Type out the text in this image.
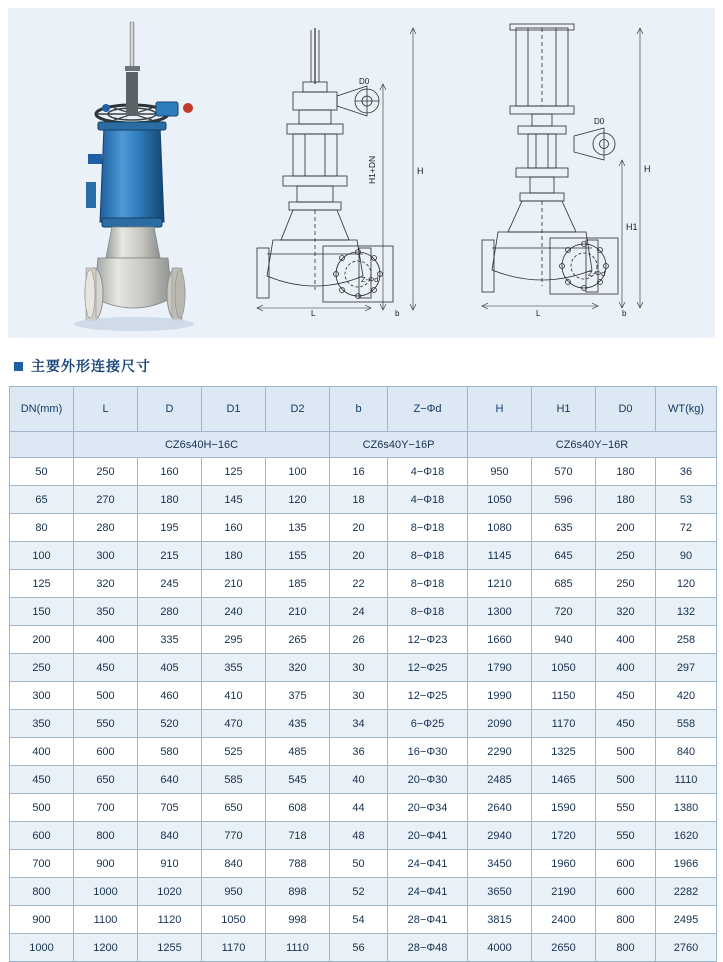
H
H1+DN
D0
Z-Φd
L	b
D0
H
H1
Z-Φd
L	b
主要外形连接尺寸
DN(mm)	L	D	D1	D2	b	Z−Φd	H	H1	D0	WT(kg)
	CZ6s40H−16C				CZ6s40Y−16P		CZ6s40Y−16R			
50	250	160	125	100	16	4−Φ18	950	570	180	36
65	270	180	145	120	18	4−Φ18	1050	596	180	53
80	280	195	160	135	20	8−Φ18	1080	635	200	72
100	300	215	180	155	20	8−Φ18	1145	645	250	90
125	320	245	210	185	22	8−Φ18	1210	685	250	120
150	350	280	240	210	24	8−Φ18	1300	720	320	132
200	400	335	295	265	26	12−Φ23	1660	940	400	258
250	450	405	355	320	30	12−Φ25	1790	1050	400	297
300	500	460	410	375	30	12−Φ25	1990	1150	450	420
350	550	520	470	435	34	6−Φ25	2090	1170	450	558
400	600	580	525	485	36	16−Φ30	2290	1325	500	840
450	650	640	585	545	40	20−Φ30	2485	1465	500	1110
500	700	705	650	608	44	20−Φ34	2640	1590	550	1380
600	800	840	770	718	48	20−Φ41	2940	1720	550	1620
700	900	910	840	788	50	24−Φ41	3450	1960	600	1966
800	1000	1020	950	898	52	24−Φ41	3650	2190	600	2282
900	1100	1120	1050	998	54	28−Φ41	3815	2400	800	2495
1000	1200	1255	1170	1110	56	28−Φ48	4000	2650	800	2760
